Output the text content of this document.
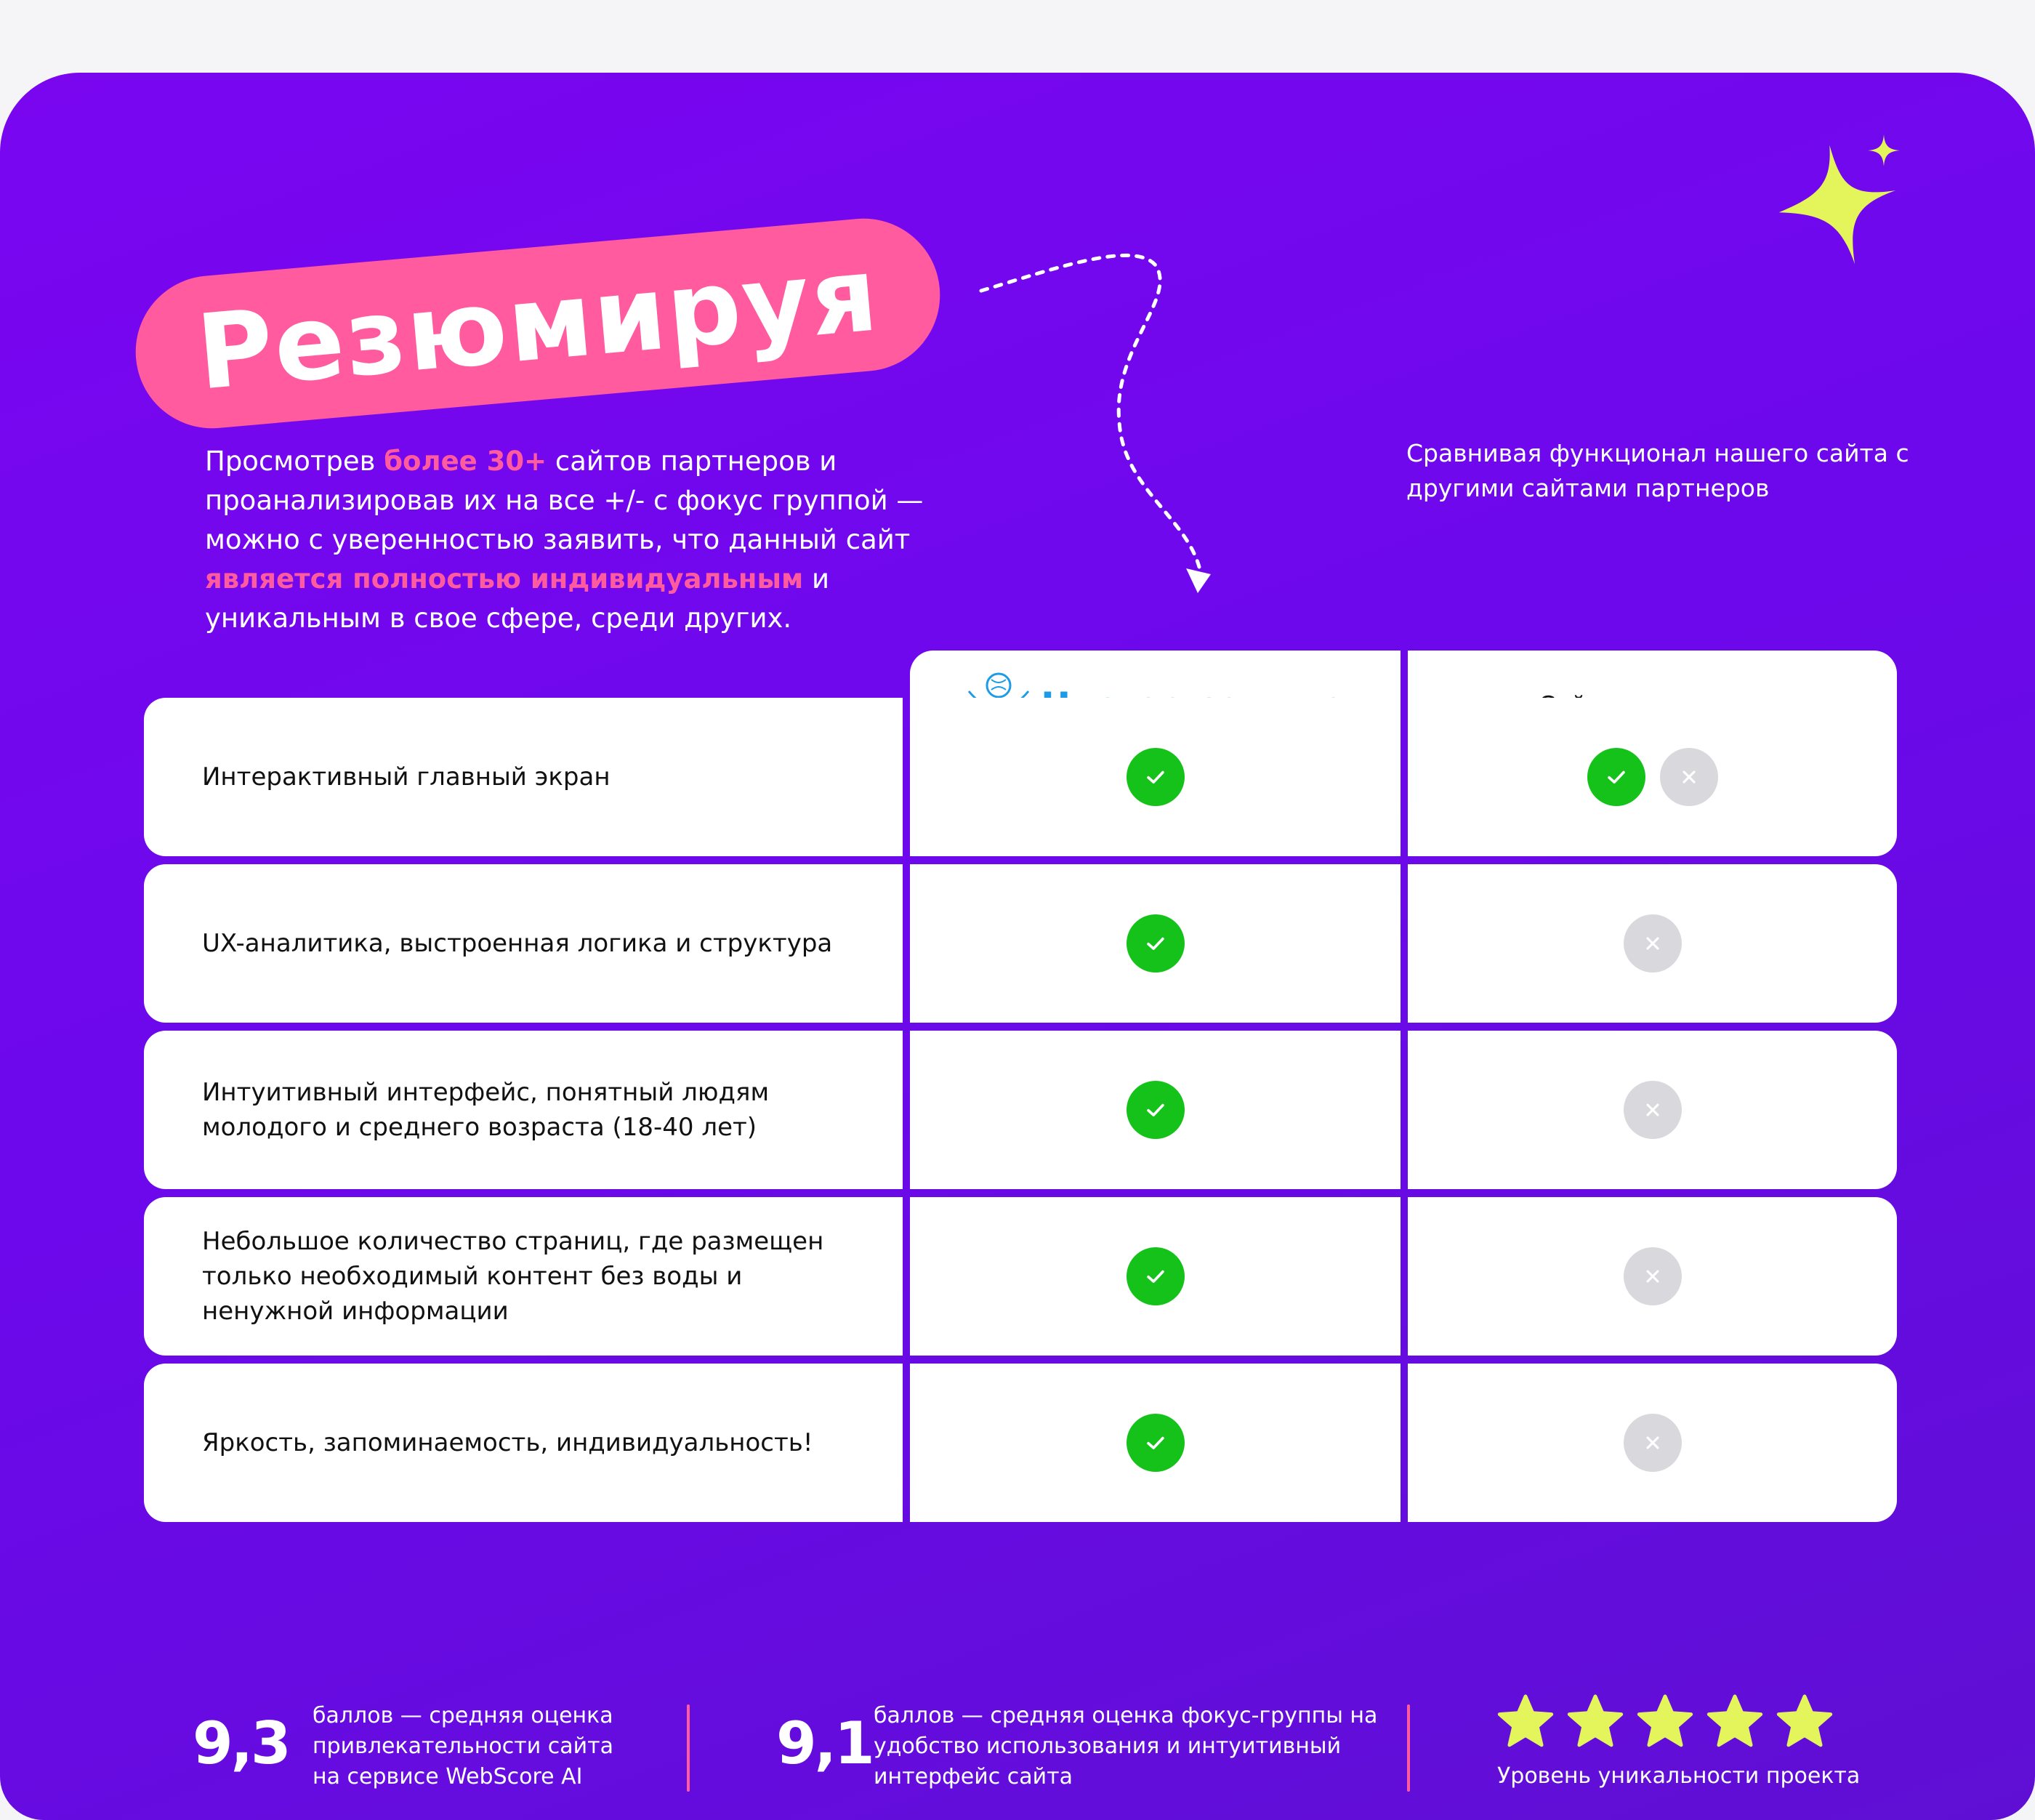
Резюмируя
Просмотрев более 30+ сайтов партнеров и проанализировав их на все +/- с фокус группой — можно с уверенностью заявить, что данный сайт является полностью индивидуальным и уникальным в свое сфере, среди других.
Сравнивая функционал нашего сайта с другими сайтами партнеров
Интерактивный главный экран
UX-аналитика, выстроенная логика и структура
Интуитивный интерфейс, понятный людям молодого и среднего возраста (18-40 лет)
Небольшое количество страниц, где размещен только необходимый контент без воды и ненужной информации
Яркость, запоминаемость, индивидуальность!
9,3 баллов — средняя оценка привлекательности сайта на сервисе WebScore AI	9,1 баллов — средняя оценка фокус-группы на удобство использования и интуитивный интерфейс сайта	Уровень уникальности проекта
